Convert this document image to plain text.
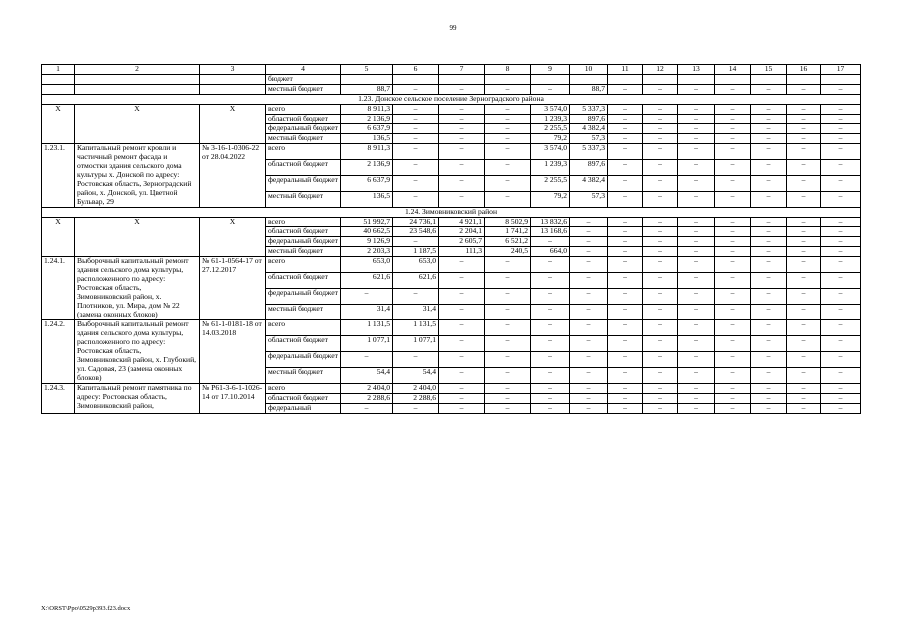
99
1	2	3	4	5	6	7	8	9	10	11	12	13	14	15	16	17
			бюджет													
			местный бюджет	88,7	–	–	–	–	88,7	–	–	–	–	–	–	–
1.23. Донское сельское поселение Зерноградского района																
Х	Х	Х	всего	8 911,3	–	–	–	3 574,0	5 337,3	–	–	–	–	–	–	–
			областной бюджет	2 136,9	–	–	–	1 239,3	897,6	–	–	–	–	–	–	–
			федеральный бюджет	6 637,9	–	–	–	2 255,5	4 382,4	–	–	–	–	–	–	–
			местный бюджет	136,5	–	–	–	79,2	57,3	–	–	–	–	–	–	–
1.23.1.	Капитальный ремонт кровли и частичный ремонт фасада и отмостки здания сельского дома культуры х. Донской по адресу: Ростовская область, Зерноградский район, х. Донской, ул. Цветной Бульвар, 29	№ 3-16-1-0306-22 от 28.04.2022	всего	8 911,3	–	–	–	3 574,0	5 337,3	–	–	–	–	–	–	–
			областной бюджет	2 136,9	–	–	–	1 239,3	897,6	–	–	–	–	–	–	–
			федеральный бюджет	6 637,9	–	–	–	2 255,5	4 382,4	–	–	–	–	–	–	–
			местный бюджет	136,5	–	–	–	79,2	57,3	–	–	–	–	–	–	–
1.24. Зимовниковский район																
Х	Х	Х	всего	51 992,7	24 736,1	4 921,1	8 502,9	13 832,6	–	–	–	–	–	–	–	–
			областной бюджет	40 662,5	23 548,6	2 204,1	1 741,2	13 168,6	–	–	–	–	–	–	–	–
			федеральный бюджет	9 126,9	–	2 605,7	6 521,2	–	–	–	–	–	–	–	–	–
			местный бюджет	2 203,3	1 187,5	111,3	240,5	664,0	–	–	–	–	–	–	–	–
1.24.1.	Выборочный капитальный ремонт здания сельского дома культуры, расположенного по адресу: Ростовская область, Зимовниковский район, х. Плотников, ул. Мира, дом № 22 (замена оконных блоков)	№ 61-1-0564-17 от 27.12.2017	всего	653,0	653,0	–	–	–	–	–	–	–	–	–	–	–
			областной бюджет	621,6	621,6	–	–	–	–	–	–	–	–	–	–	–
			федеральный бюджет	–	–	–	–	–	–	–	–	–	–	–	–	–
			местный бюджет	31,4	31,4	–	–	–	–	–	–	–	–	–	–	–
1.24.2.	Выборочный капитальный ремонт здания сельского дома культуры, расположенного по адресу: Ростовская область, Зимовниковский район, х. Глубокий, ул. Садовая, 23 (замена оконных блоков)	№ 61-1-0181-18 от 14.03.2018	всего	1 131,5	1 131,5	–	–	–	–	–	–	–	–	–	–	–
			областной бюджет	1 077,1	1 077,1	–	–	–	–	–	–	–	–	–	–	–
			федеральный бюджет	–	–	–	–	–	–	–	–	–	–	–	–	–
			местный бюджет	54,4	54,4	–	–	–	–	–	–	–	–	–	–	–
1.24.3.	Капитальный ремонт памятника по адресу: Ростовская область, Зимовниковский район,	№ Р61-3-6-1-1026-14 от 17.10.2014	всего	2 404,0	2 404,0	–	–	–	–	–	–	–	–	–	–	–
			областной бюджет	2 288,6	2 288,6	–	–	–	–	–	–	–	–	–	–	–
			федеральный	–	–	–	–	–	–	–	–	–	–	–	–	–
X:\ORST\Ppo\0529p393.f23.docx
